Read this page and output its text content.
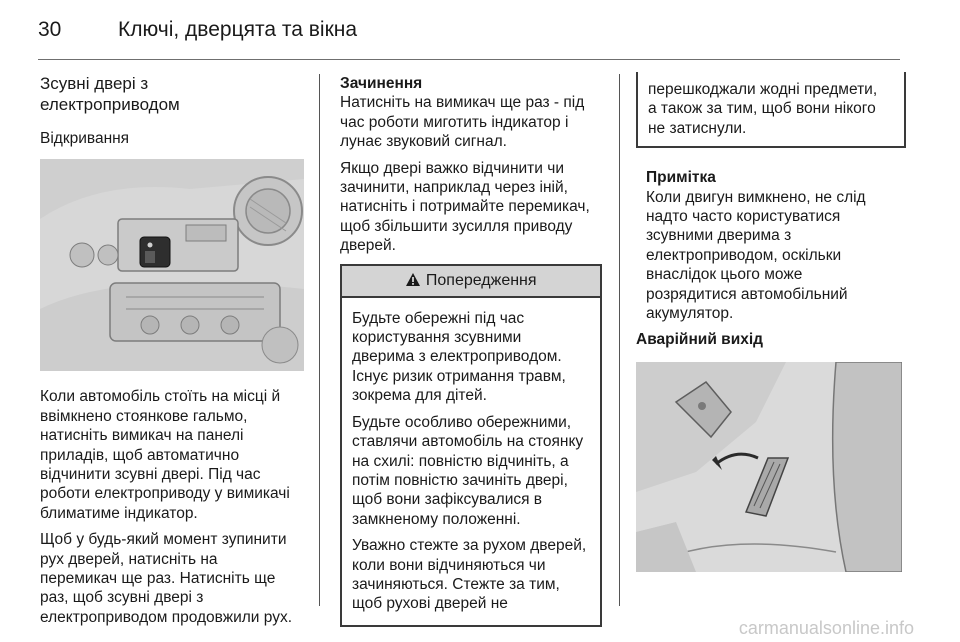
30	Ключі, дверцята та вікна
Зсувні двері з
електроприводом
Відкривання

Коли автомобіль стоїть на місці й
ввімкнено стоянкове гальмо,
натисніть вимикач на панелі
приладів, щоб автоматично
відчинити зсувні двері. Під час
роботи електроприводу у вимикачі
блиматиме індикатор.

Щоб у будь-який момент зупинити
рух дверей, натисніть на
перемикач ще раз. Натисніть ще
раз, щоб зсувні двері з
електроприводом продовжили рух.

Зачинення

Натисніть на вимикач ще раз - під
час роботи миготить індикатор і
лунає звуковий сигнал.

Якщо двері важко відчинити чи
зачинити, наприклад через іній,
натисніть і потримайте перемикач,
щоб збільшити зусилля приводу
дверей.

Попередження

Будьте обережні під час
користування зсувними
дверима з електроприводом.
Існує ризик отримання травм,
зокрема для дітей.

Будьте особливо обережними,
ставлячи автомобіль на стоянку
на схилі: повністю відчиніть, а
потім повністю зачиніть двері,
щоб вони зафіксувалися в
замкненому положенні.

Уважно стежте за рухом дверей,
коли вони відчиняються чи
зачиняються. Стежте за тим,
щоб рухові дверей не

перешкоджали жодні предмети,
а також за тим, щоб вони нікого
не затиснули.
Примітка

Коли двигун вимкнено, не слід
надто часто користуватися
зсувними дверима з
електроприводом, оскільки
внаслідок цього може
розрядитися автомобільний
акумулятор.

Аварійний вихід
carmanualsonline.info
